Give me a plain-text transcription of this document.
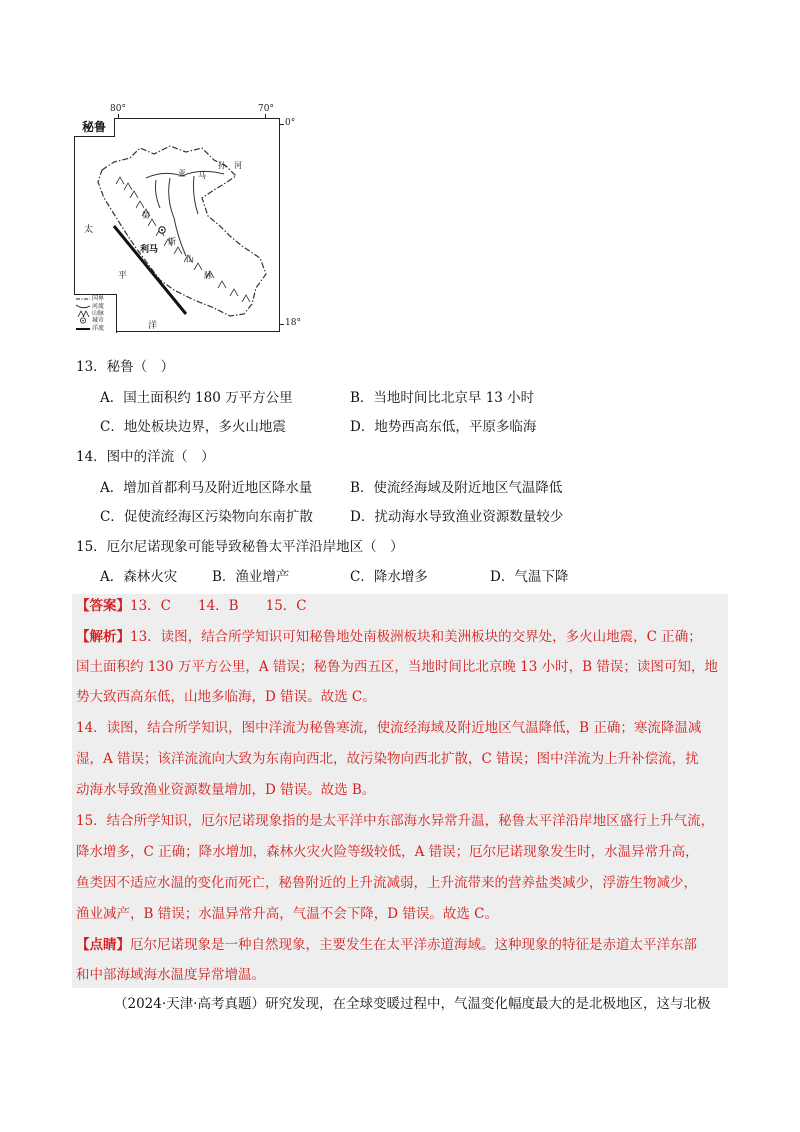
80°	70°
0°
18°
秘鲁
太
平
洋
利马
第
斯
山
脉
亚 马
孙 河
国界
河流
山脉
城市
洋流
13．秘鲁（　）
A．国土面积约 180 万平方公里	B．当地时间比北京早 13 小时
C．地处板块边界，多火山地震	D．地势西高东低，平原多临海
14．图中的洋流（　）
A．增加首都利马及附近地区降水量	B．使流经海域及附近地区气温降低
C．促使流经海区污染物向东南扩散	D．扰动海水导致渔业资源数量较少
15．厄尔尼诺现象可能导致秘鲁太平洋沿岸地区（　）
A．森林火灾	B．渔业增产	C．降水增多	D．气温下降
【答案】13．C　　14．B　　15．C
【解析】13．读图，结合所学知识可知秘鲁地处南极洲板块和美洲板块的交界处，多火山地震，C 正确；
国土面积约 130 万平方公里，A 错误；秘鲁为西五区，当地时间比北京晚 13 小时，B 错误；读图可知，地
势大致西高东低，山地多临海，D 错误。故选 C。
14．读图，结合所学知识，图中洋流为秘鲁寒流，使流经海域及附近地区气温降低，B 正确；寒流降温减
湿，A 错误；该洋流流向大致为东南向西北，故污染物向西北扩散，C 错误；图中洋流为上升补偿流，扰
动海水导致渔业资源数量增加，D 错误。故选 B。
15．结合所学知识，厄尔尼诺现象指的是太平洋中东部海水异常升温，秘鲁太平洋沿岸地区盛行上升气流，
降水增多，C 正确；降水增加，森林火灾火险等级较低，A 错误；厄尔尼诺现象发生时，水温异常升高，
鱼类因不适应水温的变化而死亡，秘鲁附近的上升流减弱，上升流带来的营养盐类减少，浮游生物减少，
渔业减产，B 错误；水温异常升高，气温不会下降，D 错误。故选 C。
【点睛】厄尔尼诺现象是一种自然现象，主要发生在太平洋赤道海域。这种现象的特征是赤道太平洋东部
和中部海域海水温度异常增温。
（2024·天津·高考真题）研究发现，在全球变暖过程中，气温变化幅度最大的是北极地区，这与北极
